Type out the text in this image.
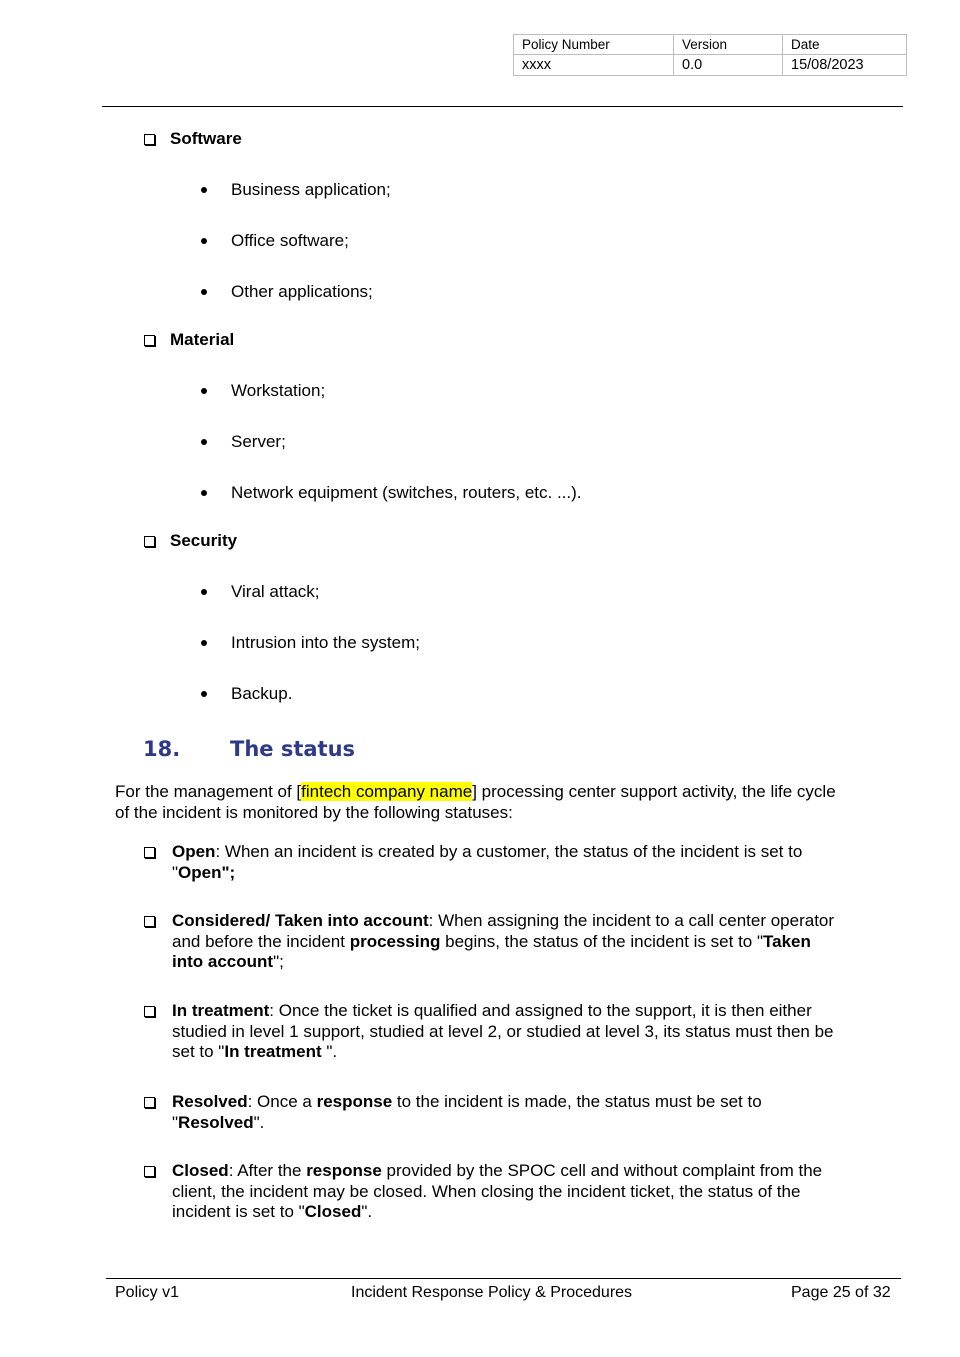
Policy Number	Version	Date
xxxx	0.0	15/08/2023
Software
Business application;
Office software;
Other applications;
Material
Workstation;
Server;
Network equipment (switches, routers, etc. ...).
Security
Viral attack;
Intrusion into the system;
Backup.
18. The status
For the management of [fintech company name] processing center support activity, the life cycle of the incident is monitored by the following statuses:
Open: When an incident is created by a customer, the status of the incident is set to "Open";
Considered/ Taken into account: When assigning the incident to a call center operator and before the incident processing begins, the status of the incident is set to "Taken into account";
In treatment: Once the ticket is qualified and assigned to the support, it is then either studied in level 1 support, studied at level 2, or studied at level 3, its status must then be set to "In treatment ".
Resolved: Once a response to the incident is made, the status must be set to "Resolved".
Closed: After the response provided by the SPOC cell and without complaint from the client, the incident may be closed. When closing the incident ticket, the status of the incident is set to "Closed".
Policy v1	Incident Response Policy & Procedures	Page 25 of 32
